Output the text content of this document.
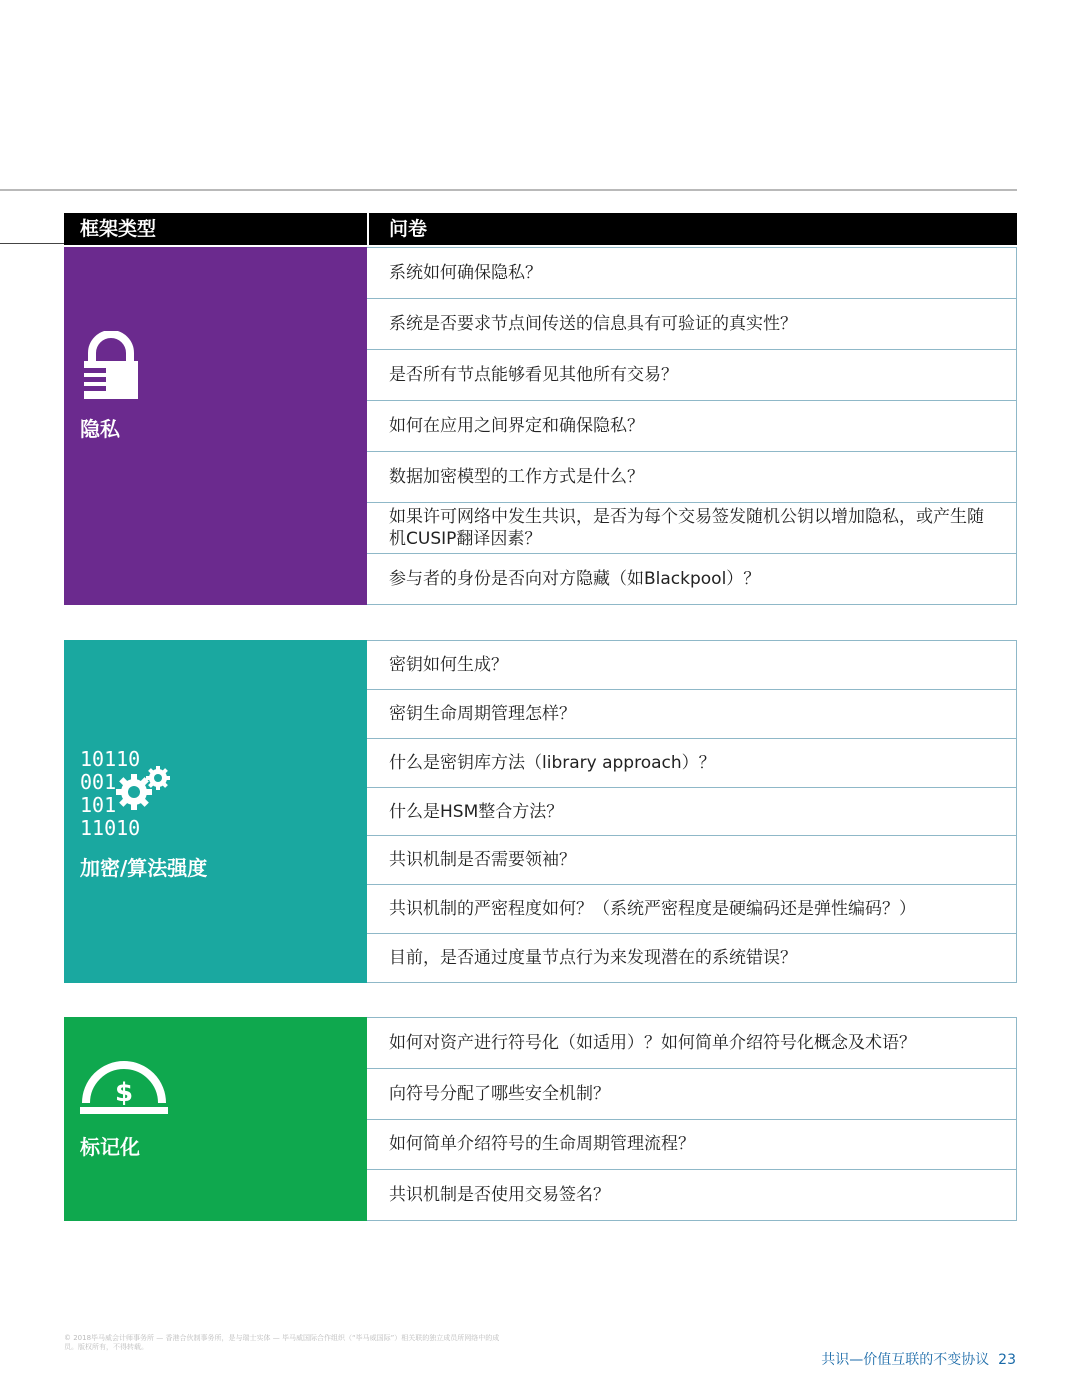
框架类型	问卷
隐私
系统如何确保隐私？
系统是否要求节点间传送的信息具有可验证的真实性？
是否所有节点能够看见其他所有交易？
如何在应用之间界定和确保隐私？
数据加密模型的工作方式是什么？
如果许可网络中发生共识，是否为每个交易签发随机公钥以增加隐私，或产生随机CUSIP翻译因素？
参与者的身份是否向对方隐藏（如Blackpool）？
10110
001
101
11010
加密/算法强度
密钥如何生成？
密钥生命周期管理怎样？
什么是密钥库方法（library approach）？
什么是HSM整合方法？
共识机制是否需要领袖？
共识机制的严密程度如何？（系统严密程度是硬编码还是弹性编码？）
目前，是否通过度量节点行为来发现潜在的系统错误？
$
标记化
如何对资产进行符号化（如适用）？如何简单介绍符号化概念及术语？
向符号分配了哪些安全机制？
如何简单介绍符号的生命周期管理流程？
共识机制是否使用交易签名？
© 2018毕马威会计师事务所 — 香港合伙制事务所，是与瑞士实体 — 毕马威国际合作组织（“毕马威国际”）相关联的独立成员所网络中的成员。版权所有，不得转载。
共识—价值互联的不变协议 23
